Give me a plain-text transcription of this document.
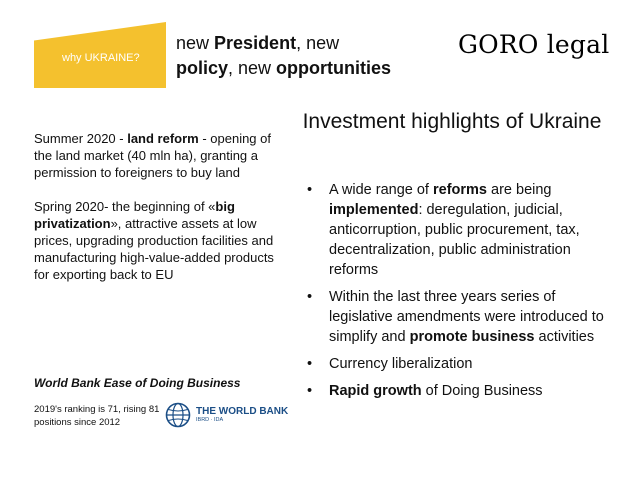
why UKRAINE?
new President, new
policy, new opportunities
GORO legal

Summer 2020 - land reform - opening of the land market (40 mln ha), granting a permission to foreigners to buy land

Spring 2020- the beginning of «big privatization», attractive assets at low prices, upgrading production facilities and manufacturing high-value-added products for exporting back to EU

World Bank Ease of Doing Business
2019's ranking is 71, rising 81 positions since 2012
THE WORLD BANK
IBRD · IDA
Investment highlights of Ukraine
• A wide range of reforms are being implemented: deregulation, judicial, anticorruption, public procurement, tax, decentralization, public administration reforms
• Within the last three years series of legislative amendments were introduced to simplify and promote business activities
• Currency liberalization
• Rapid growth of Doing Business
